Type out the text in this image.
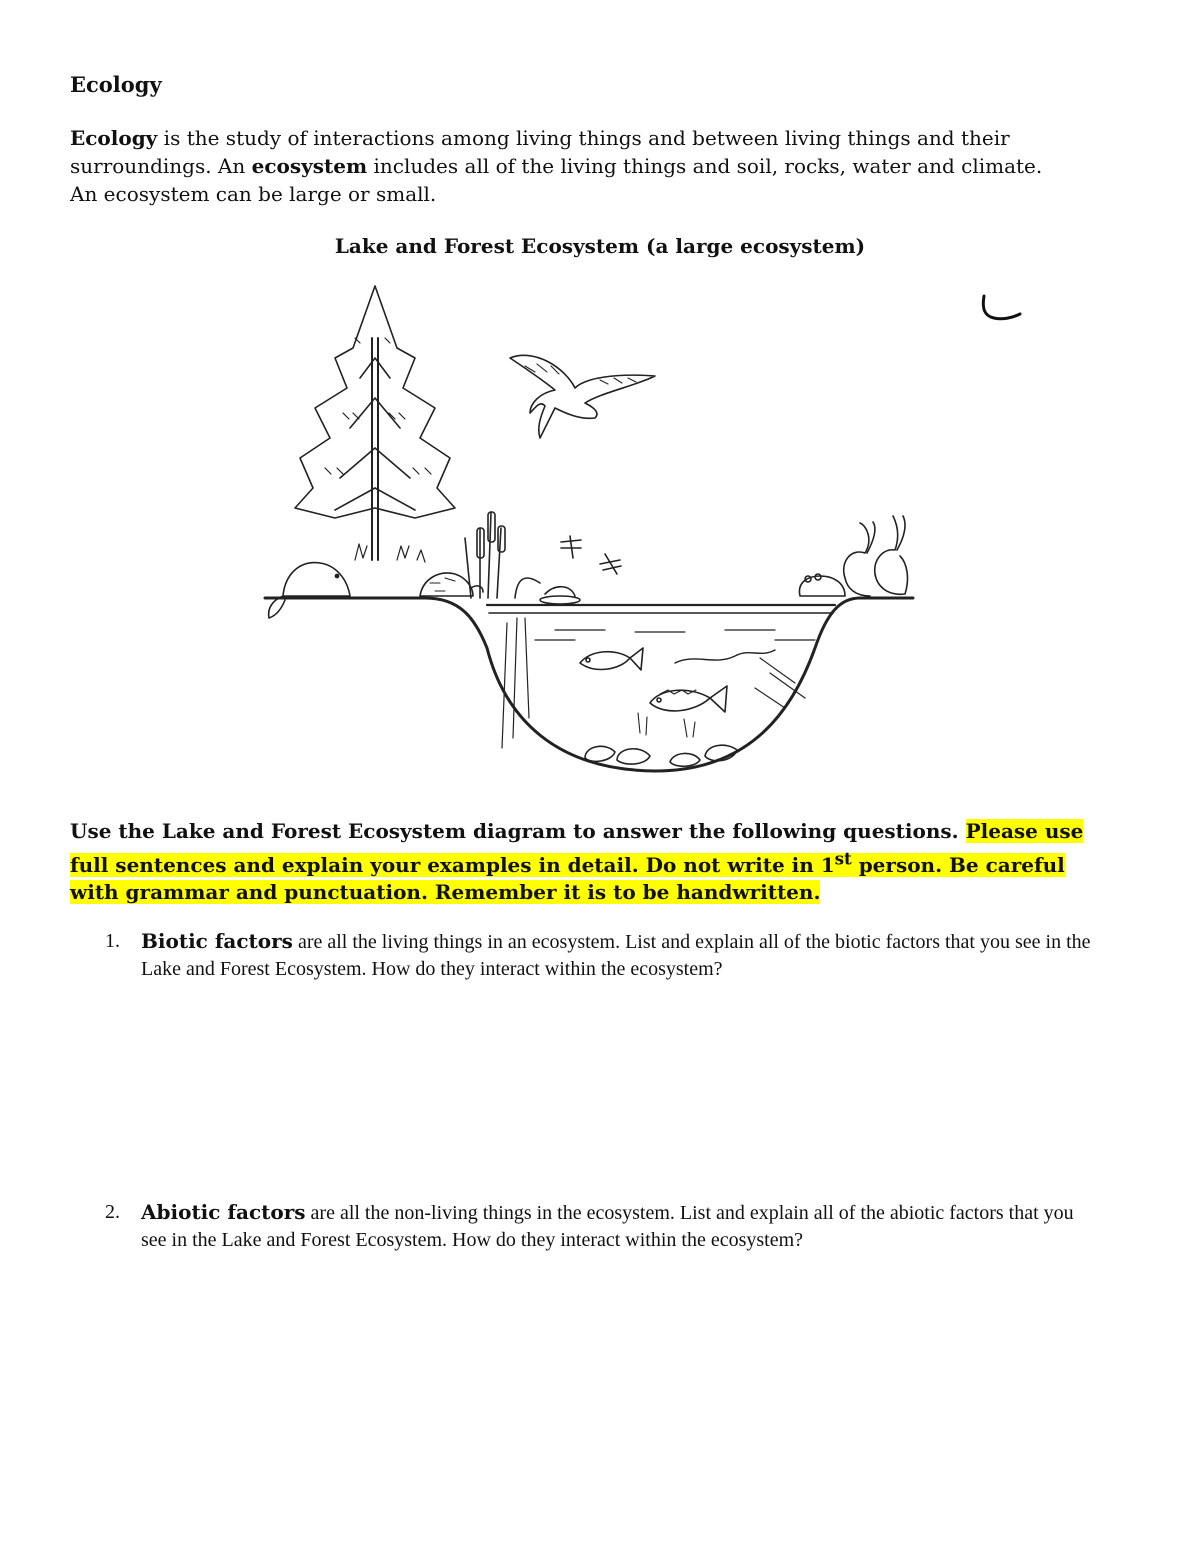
Ecology
Ecology is the study of interactions among living things and between living things and their surroundings. An ecosystem includes all of the living things and soil, rocks, water and climate. An ecosystem can be large or small.
Lake and Forest Ecosystem (a large ecosystem)
Use the Lake and Forest Ecosystem diagram to answer the following questions. Please use full sentences and explain your examples in detail. Do not write in 1st person. Be careful with grammar and punctuation. Remember it is to be handwritten.
1. Biotic factors are all the living things in an ecosystem. List and explain all of the biotic factors that you see in the Lake and Forest Ecosystem. How do they interact within the ecosystem?
2. Abiotic factors are all the non-living things in the ecosystem. List and explain all of the abiotic factors that you see in the Lake and Forest Ecosystem. How do they interact within the ecosystem?
